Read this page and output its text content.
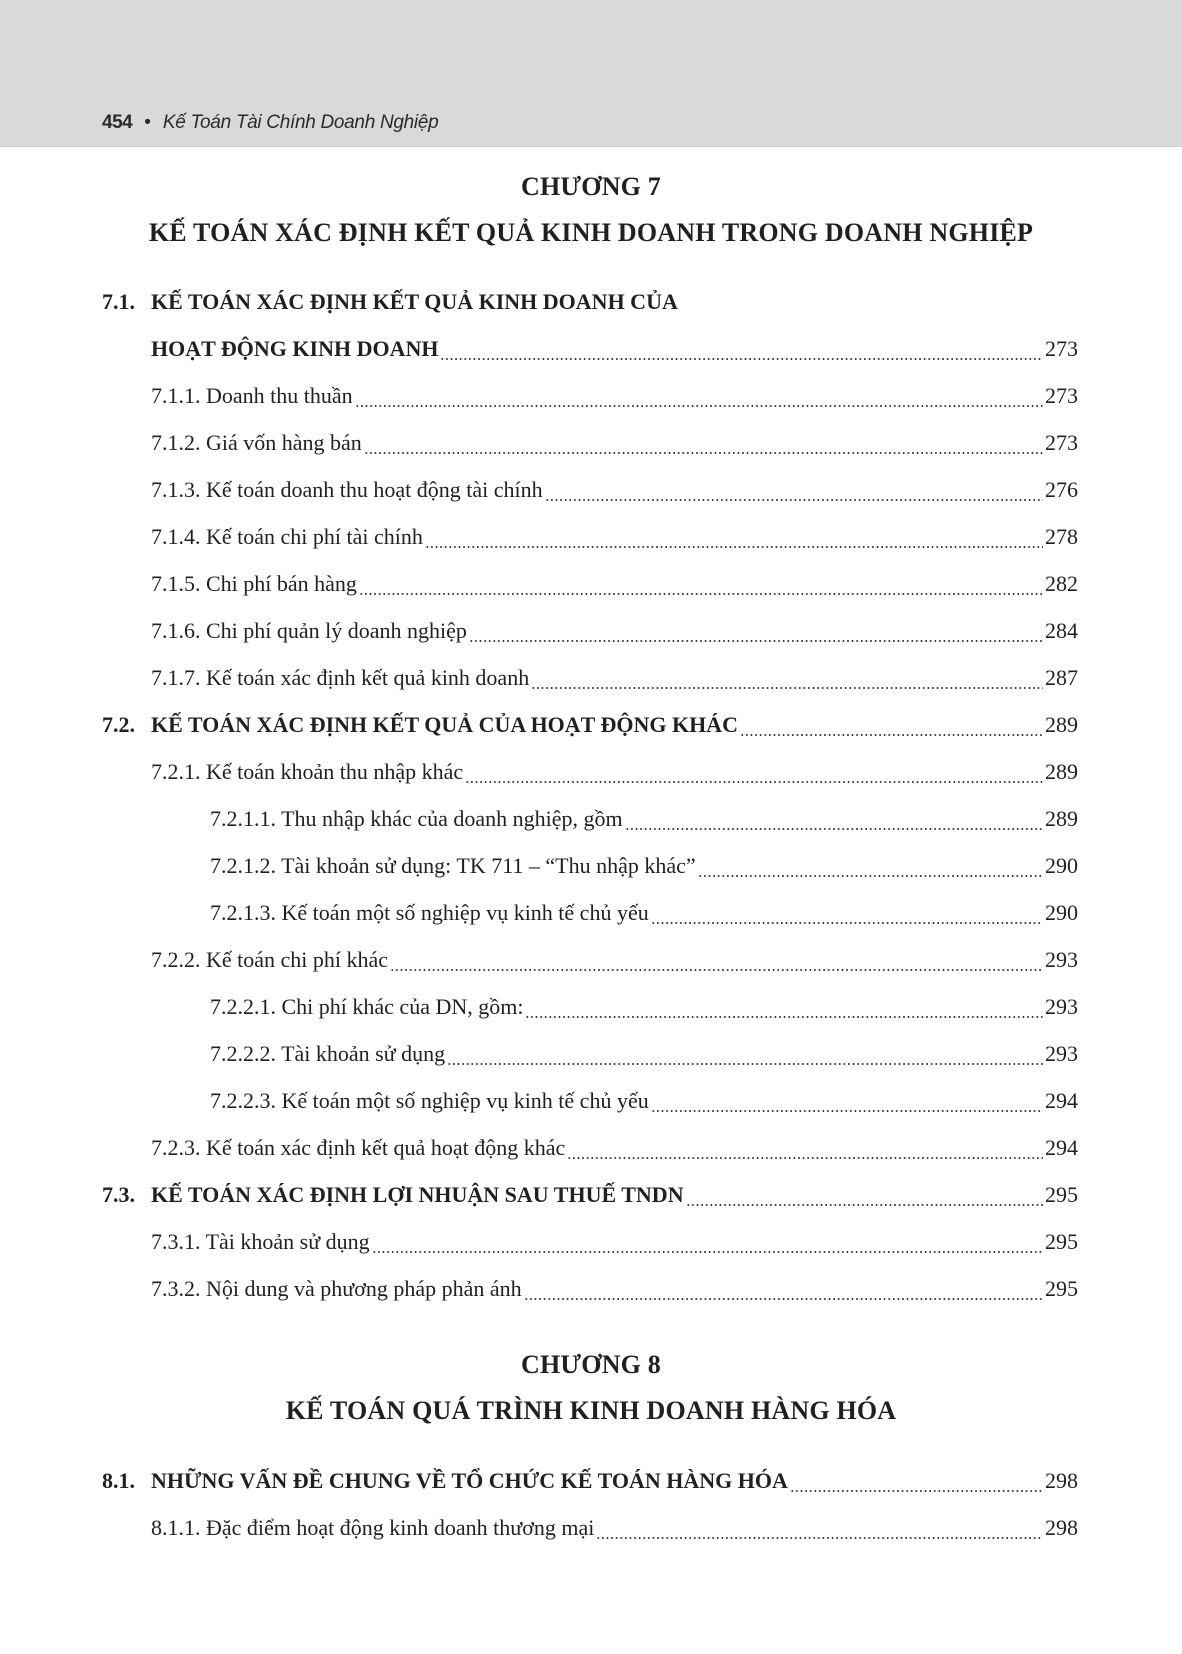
454 • Kế Toán Tài Chính Doanh Nghiệp
CHƯƠNG 7
KẾ TOÁN XÁC ĐỊNH KẾT QUẢ KINH DOANH TRONG DOANH NGHIỆP
7.1. KẾ TOÁN XÁC ĐỊNH KẾT QUẢ KINH DOANH CỦA
HOẠT ĐỘNG KINH DOANH	273
7.1.1. Doanh thu thuần	273
7.1.2. Giá vốn hàng bán	273
7.1.3. Kế toán doanh thu hoạt động tài chính	276
7.1.4. Kế toán chi phí tài chính	278
7.1.5. Chi phí bán hàng	282
7.1.6. Chi phí quản lý doanh nghiệp	284
7.1.7. Kế toán xác định kết quả kinh doanh	287
7.2. KẾ TOÁN XÁC ĐỊNH KẾT QUẢ CỦA HOẠT ĐỘNG KHÁC	289
7.2.1. Kế toán khoản thu nhập khác	289
7.2.1.1. Thu nhập khác của doanh nghiệp, gồm	289
7.2.1.2. Tài khoản sử dụng: TK 711 – “Thu nhập khác”	290
7.2.1.3. Kế toán một số nghiệp vụ kinh tế chủ yếu	290
7.2.2. Kế toán chi phí khác	293
7.2.2.1. Chi phí khác của DN, gồm:	293
7.2.2.2. Tài khoản sử dụng	293
7.2.2.3. Kế toán một số nghiệp vụ kinh tế chủ yếu	294
7.2.3. Kế toán xác định kết quả hoạt động khác	294
7.3. KẾ TOÁN XÁC ĐỊNH LỢI NHUẬN SAU THUẾ TNDN	295
7.3.1. Tài khoản sử dụng	295
7.3.2. Nội dung và phương pháp phản ánh	295
CHƯƠNG 8
KẾ TOÁN QUÁ TRÌNH KINH DOANH HÀNG HÓA
8.1. NHỮNG VẤN ĐỀ CHUNG VỀ TỔ CHỨC KẾ TOÁN HÀNG HÓA	298
8.1.1. Đặc điểm hoạt động kinh doanh thương mại	298
